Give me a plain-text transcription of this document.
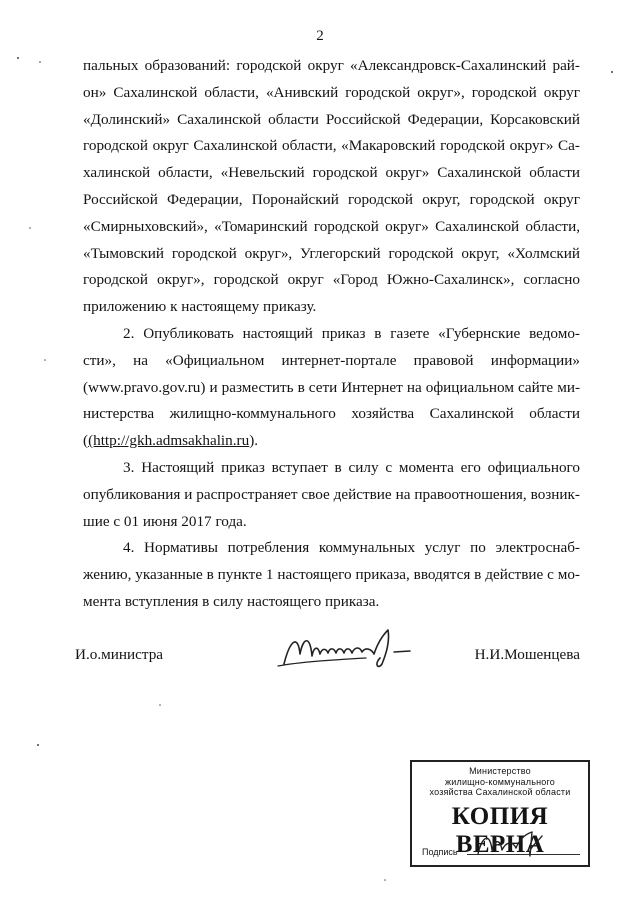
2
пальных образований: городской округ «Александровск-Сахалинский рай-
он» Сахалинской области, «Анивский городской округ», городской округ
«Долинский» Сахалинской области Российской Федерации, Корсаковский
городской округ Сахалинской области, «Макаровский городской округ» Са-
халинской области, «Невельский городской округ» Сахалинской области
Российской Федерации, Поронайский городской округ, городской округ
«Смирныховский», «Томаринский городской округ» Сахалинской области,
«Тымовский городской округ», Углегорский городской округ, «Холмский
городской округ», городской округ «Город Южно-Сахалинск», согласно
приложению к настоящему приказу.
2. Опубликовать настоящий приказ в газете «Губернские ведомо-
сти», на «Официальном интернет-портале правовой информации»
(www.pravo.gov.ru) и разместить в сети Интернет на официальном сайте ми-
нистерства жилищно-коммунального хозяйства Сахалинской области
((http://gkh.admsakhalin.ru).
3. Настоящий приказ вступает в силу с момента его официального
опубликования и распространяет свое действие на правоотношения, возник-
шие с 01 июня 2017 года.
4. Нормативы потребления коммунальных услуг по электроснаб-
жению, указанные в пункте 1 настоящего приказа, вводятся в действие с мо-
мента вступления в силу настоящего приказа.
И.о.министра	Н.И.Мошенцева
Министерство
жилищно-коммунального
хозяйства Сахалинской области
КОПИЯ ВЕРНА
Подпись
